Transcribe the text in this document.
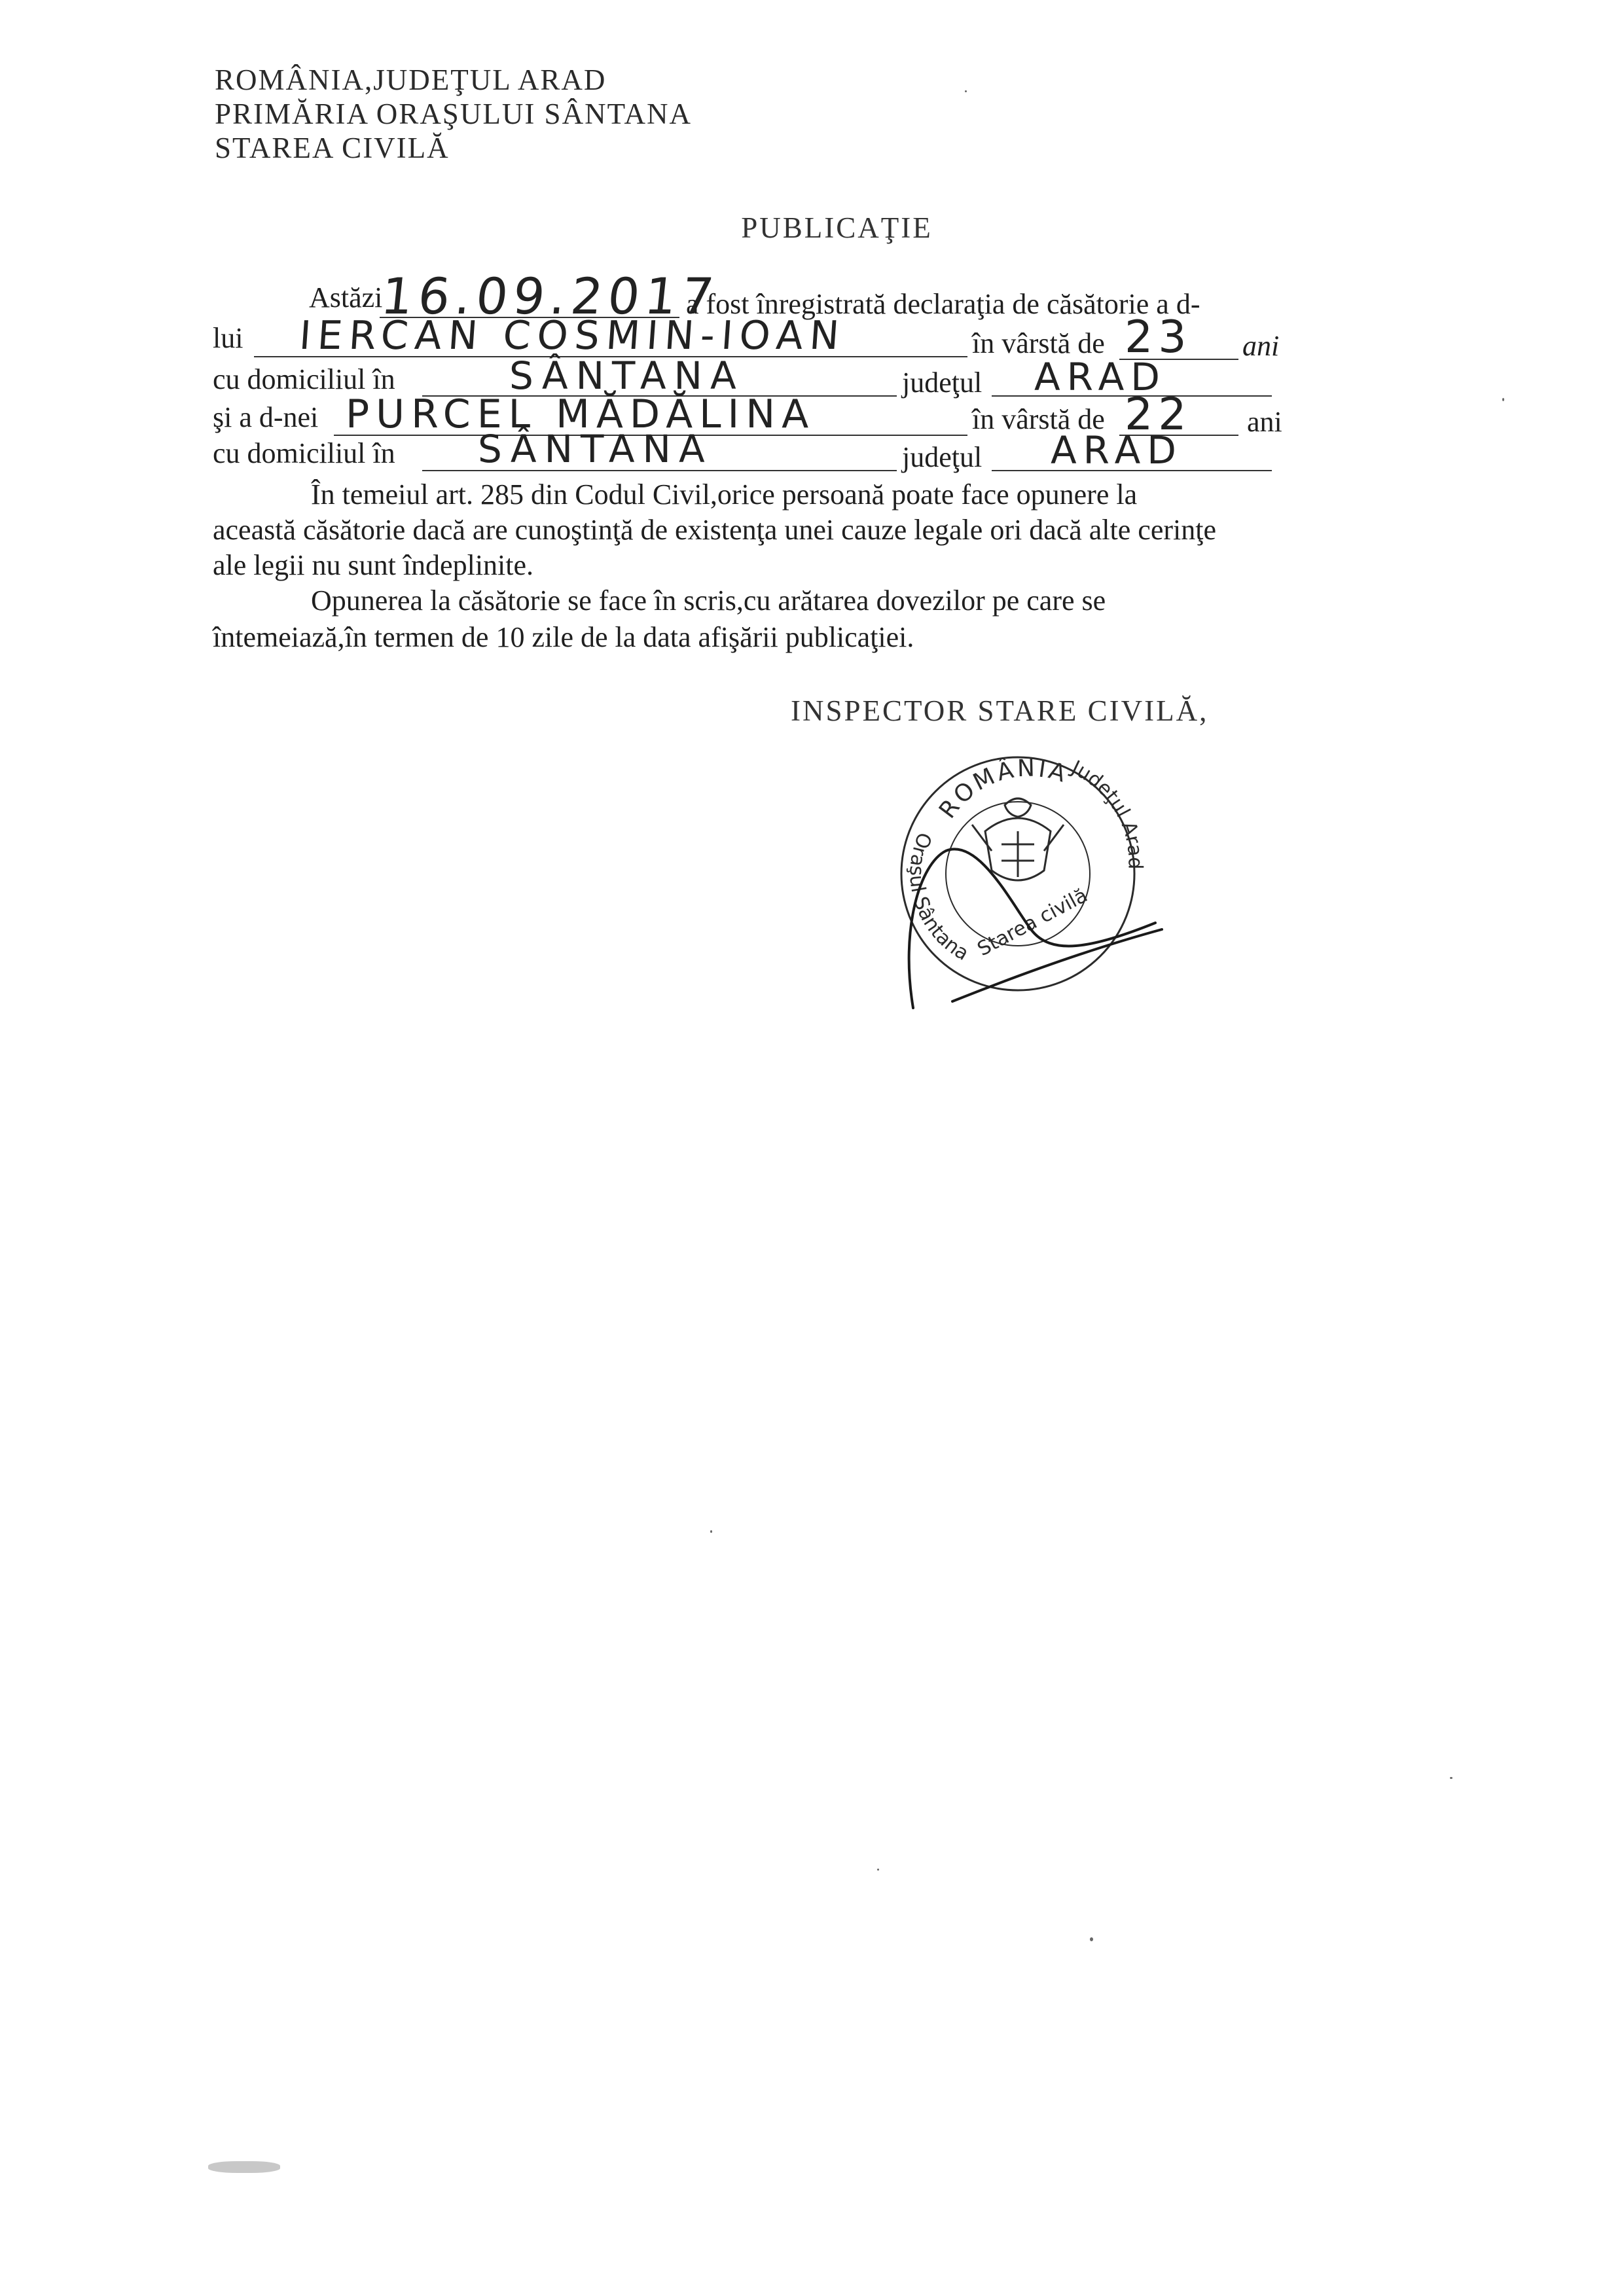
ROMÂNIA,JUDEŢUL ARAD
PRIMĂRIA ORAŞULUI SÂNTANA
STAREA CIVILĂ
PUBLICAŢIE
Astăzi
16.09.2017
a fost înregistrată declaraţia de căsătorie a d-
lui IERCAN COSMIN-IOAN	în vârstă de 23 ani
cu domiciliul în	SÂNTANA	judeţul ARAD
şi a d-nei PURCEL MĂDĂLINA	în vârstă de 22 ani
cu domiciliul în SÂNTANA	judeţul ARAD
În temeiul art. 285 din Codul Civil,orice persoană poate face opunere la
această căsătorie dacă are cunoştinţă de existenţa unei cauze legale ori dacă alte cerinţe
ale legii nu sunt îndeplinite.
Opunerea la căsătorie se face în scris,cu arătarea dovezilor pe care se
întemeiază,în termen de 10 zile de la data afişării publicaţiei.
INSPECTOR STARE CIVILĂ,
ROMÂNIA
Oraşul Sântana
Judeţul Arad
Starea civilă
